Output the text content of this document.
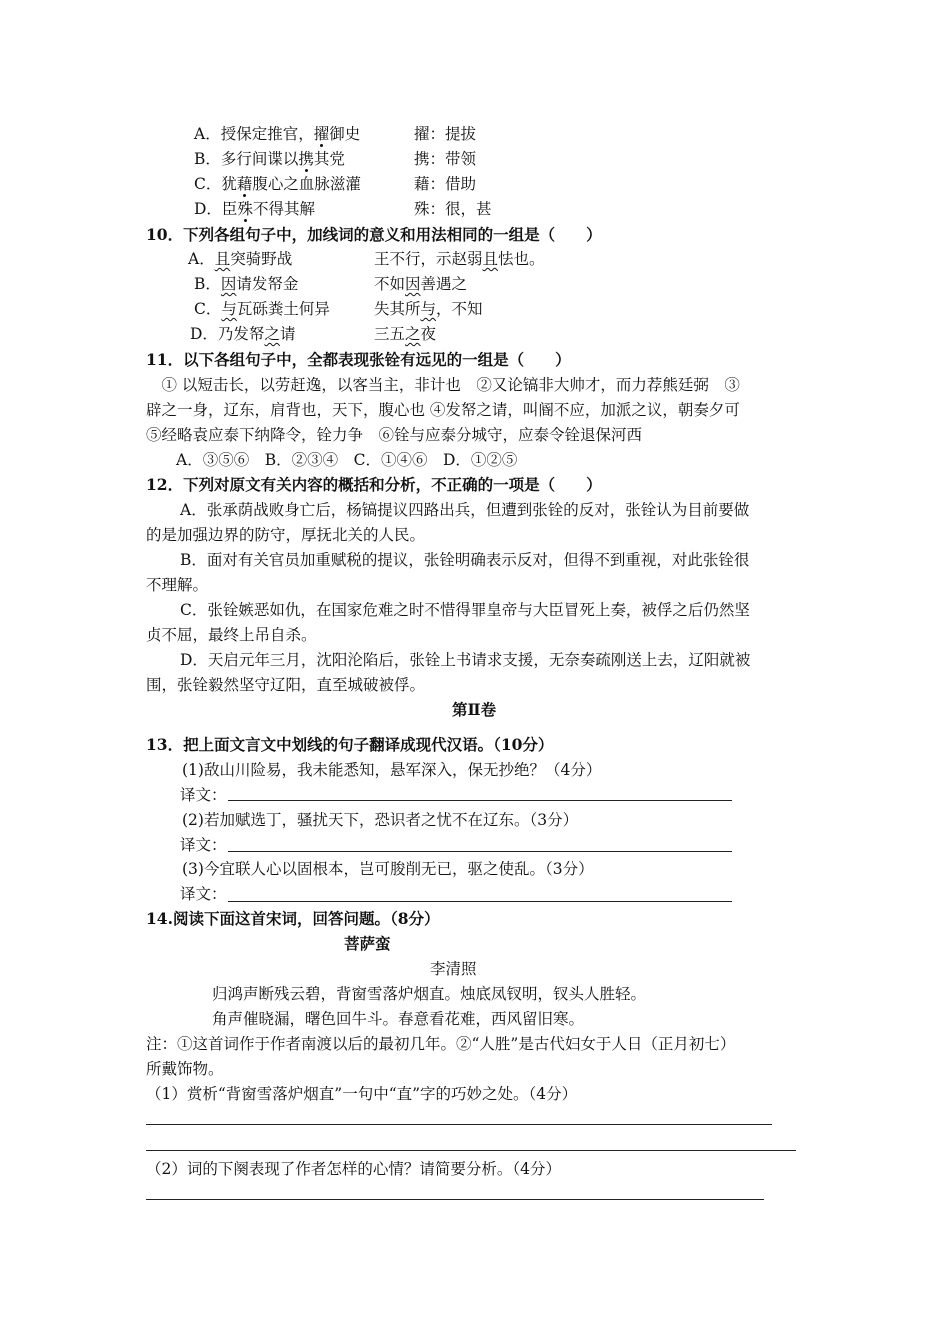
A．授保定推官，擢御史	擢：提拔
B．多行间谍以携其党	携：带领
C．犹藉腹心之血脉滋灌	藉：借助
D．臣殊不得其解	殊：很，甚
10．下列各组句子中，加线词的意义和用法相同的一组是（　　）
A．且突骑野战	王不行，示赵弱且怯也。
B．因请发帑金	不如因善遇之
C．与瓦砾粪土何异	失其所与，不知
D．乃发帑之请	三五之夜
11．以下各组句子中，全都表现张铨有远见的一组是（　　）
　① 以短击长，以劳赶逸，以客当主，非计也　②又论镐非大帅才，而力荐熊廷弼　③
辟之一身，辽东，肩背也，天下，腹心也 ④发帑之请，叫阍不应，加派之议，朝奏夕可
⑤经略袁应泰下纳降令，铨力争　⑥铨与应泰分城守，应泰令铨退保河西
A．③⑤⑥　B．②③④　C．①④⑥　D．①②⑤
12．下列对原文有关内容的概括和分析，不正确的一项是（　　）
A．张承荫战败身亡后，杨镐提议四路出兵，但遭到张铨的反对，张铨认为目前要做
的是加强边界的防守，厚抚北关的人民。
B．面对有关官员加重赋税的提议，张铨明确表示反对，但得不到重视，对此张铨很
不理解。
C．张铨嫉恶如仇，在国家危难之时不惜得罪皇帝与大臣冒死上奏，被俘之后仍然坚
贞不屈，最终上吊自杀。
D．天启元年三月，沈阳沦陷后，张铨上书请求支援，无奈奏疏刚送上去，辽阳就被
围，张铨毅然坚守辽阳，直至城破被俘。
第Ⅱ卷
13．把上面文言文中划线的句子翻译成现代汉语。（10分）
(1)敌山川险易，我未能悉知，悬军深入，保无抄绝？（4分）
译文：
(2)若加赋选丁，骚扰天下，恐识者之忧不在辽东。（3分）
译文：
(3)今宜联人心以固根本，岂可朘削无已，驱之使乱。（3分）
译文：
14.阅读下面这首宋词，回答问题。（8分）
菩萨蛮
李清照
归鸿声断残云碧，背窗雪落炉烟直。烛底凤钗明，钗头人胜轻。
角声催晓漏，曙色回牛斗。春意看花难，西风留旧寒。
注：①这首词作于作者南渡以后的最初几年。②“人胜”是古代妇女于人日（正月初七）
所戴饰物。
（1）赏析“背窗雪落炉烟直”一句中“直”字的巧妙之处。（4分）
（2）词的下阕表现了作者怎样的心情？请简要分析。（4分）
